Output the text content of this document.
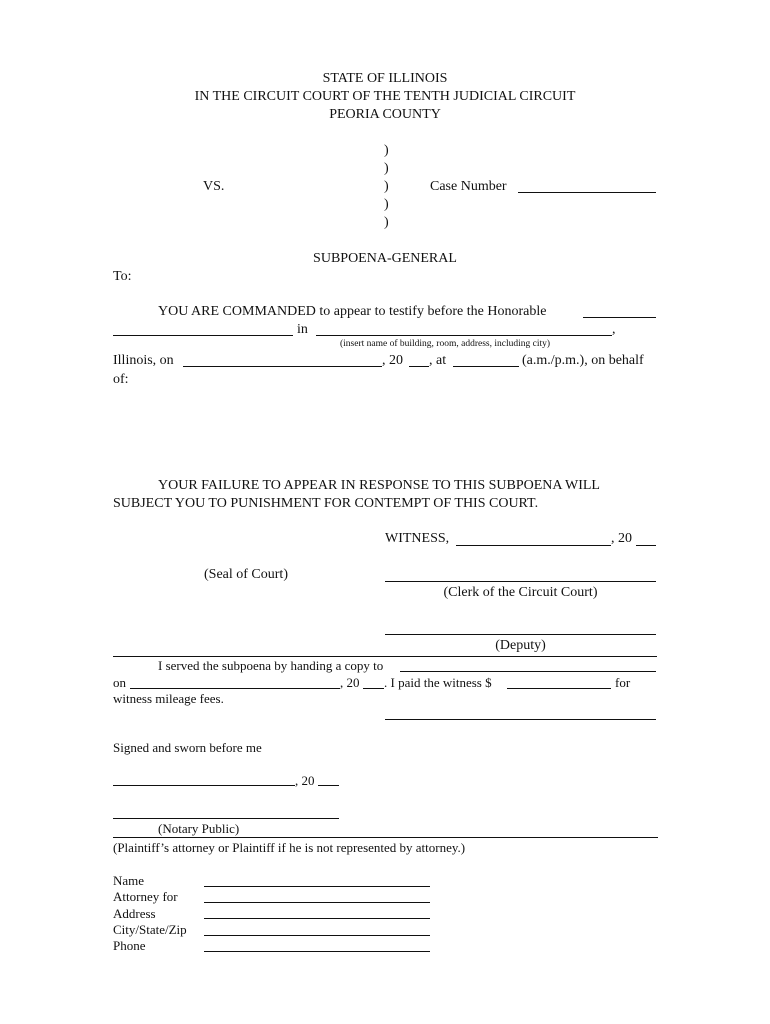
STATE OF ILLINOIS
IN THE CIRCUIT COURT OF THE TENTH JUDICIAL CIRCUIT
PEORIA COUNTY
)
)
)
)
)
VS.	Case Number
SUBPOENA-GENERAL
To:
YOU ARE COMMANDED to appear to testify before the Honorable
in	,
(insert name of building, room, address, including city)
Illinois, on	, 20 , at	(a.m./p.m.), on behalf
of:
YOUR FAILURE TO APPEAR IN RESPONSE TO THIS SUBPOENA WILL
SUBJECT YOU TO PUNISHMENT FOR CONTEMPT OF THIS COURT.
WITNESS,	, 20
(Seal of Court)
(Clerk of the Circuit Court)
(Deputy)
I served the subpoena by handing a copy to
on	, 20 . I paid the witness $	for
witness mileage fees.
Signed and sworn before me
, 20
(Notary Public)
(Plaintiff’s attorney or Plaintiff if he is not represented by attorney.)
Name
Attorney for
Address
City/State/Zip
Phone
